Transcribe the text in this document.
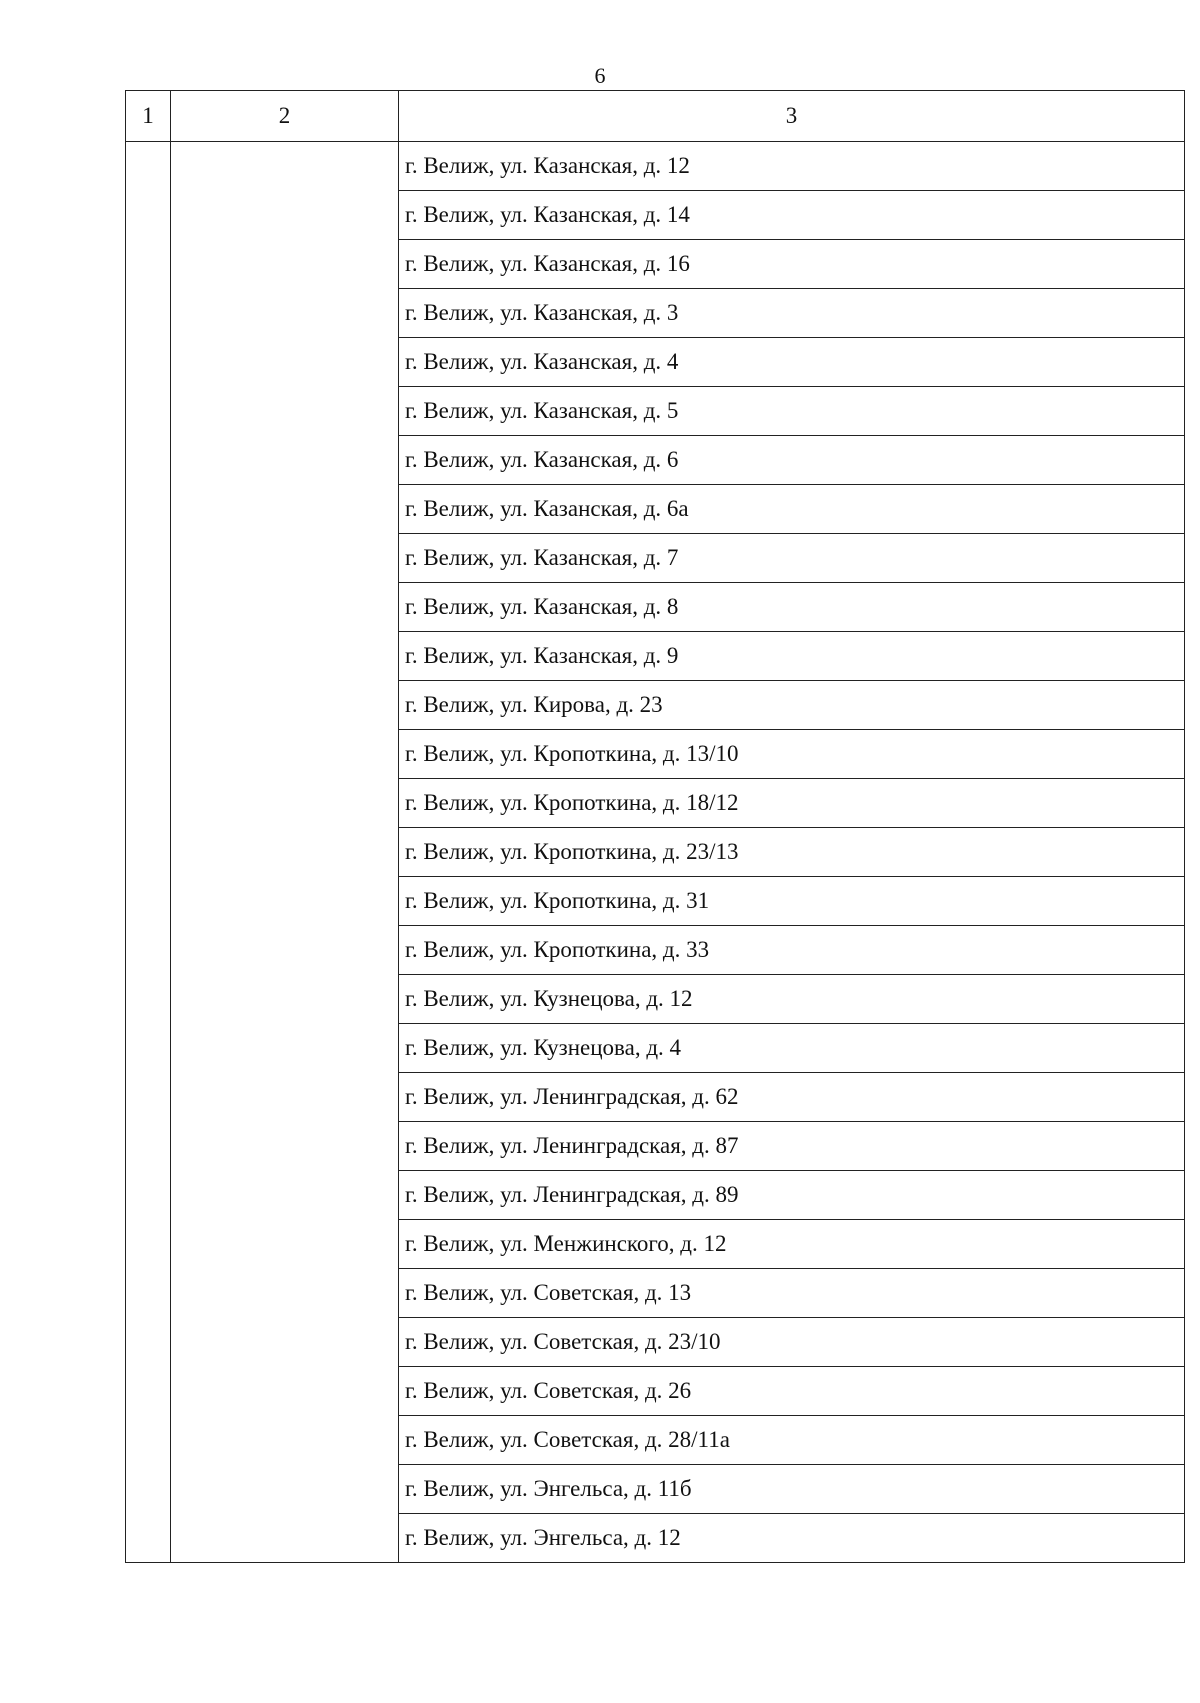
6
1	2	3
		г. Велиж, ул. Казанская, д. 12
		г. Велиж, ул. Казанская, д. 14
		г. Велиж, ул. Казанская, д. 16
		г. Велиж, ул. Казанская, д. 3
		г. Велиж, ул. Казанская, д. 4
		г. Велиж, ул. Казанская, д. 5
		г. Велиж, ул. Казанская, д. 6
		г. Велиж, ул. Казанская, д. 6а
		г. Велиж, ул. Казанская, д. 7
		г. Велиж, ул. Казанская, д. 8
		г. Велиж, ул. Казанская, д. 9
		г. Велиж, ул. Кирова, д. 23
		г. Велиж, ул. Кропоткина, д. 13/10
		г. Велиж, ул. Кропоткина, д. 18/12
		г. Велиж, ул. Кропоткина, д. 23/13
		г. Велиж, ул. Кропоткина, д. 31
		г. Велиж, ул. Кропоткина, д. 33
		г. Велиж, ул. Кузнецова, д. 12
		г. Велиж, ул. Кузнецова, д. 4
		г. Велиж, ул. Ленинградская, д. 62
		г. Велиж, ул. Ленинградская, д. 87
		г. Велиж, ул. Ленинградская, д. 89
		г. Велиж, ул. Менжинского, д. 12
		г. Велиж, ул. Советская, д. 13
		г. Велиж, ул. Советская, д. 23/10
		г. Велиж, ул. Советская, д. 26
		г. Велиж, ул. Советская, д. 28/11а
		г. Велиж, ул. Энгельса, д. 11б
		г. Велиж, ул. Энгельса, д. 12
